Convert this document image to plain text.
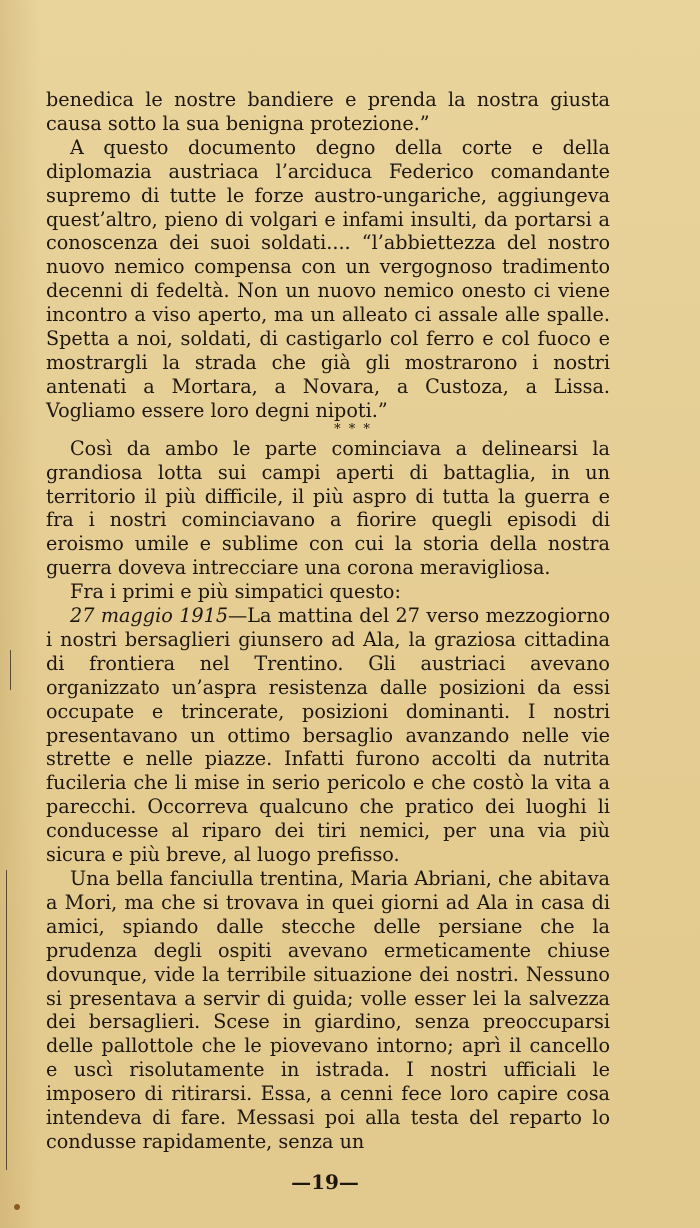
benedica le nostre bandiere e prenda la nostra giusta causa sotto la sua benigna protezione.”

A questo documento degno della corte e della diplomazia austriaca l’arciduca Federico comandante supremo di tutte le forze austro-ungariche, aggiungeva quest’altro, pieno di volgari e infami insulti, da portarsi a conoscenza dei suoi soldati.... “l’abbiettezza del nostro nuovo nemico compensa con un vergognoso tradimento decenni di fedeltà. Non un nuovo nemico onesto ci viene incontro a viso aperto, ma un alleato ci assale alle spalle. Spetta a noi, soldati, di castigarlo col ferro e col fuoco e mostrargli la strada che già gli mostrarono i nostri antenati a Mortara, a Novara, a Custoza, a Lissa. Vogliamo essere loro degni nipoti.”

* * *

Così da ambo le parte cominciava a delinearsi la grandiosa lotta sui campi aperti di battaglia, in un territorio il più difficile, il più aspro di tutta la guerra e fra i nostri cominciavano a fiorire quegli episodi di eroismo umile e sublime con cui la storia della nostra guerra doveva intrecciare una corona meravigliosa.

Fra i primi e più simpatici questo:

27 maggio 1915—La mattina del 27 verso mezzogiorno i nostri bersaglieri giunsero ad Ala, la graziosa cittadina di frontiera nel Trentino. Gli austriaci avevano organizzato un’aspra resistenza dalle posizioni da essi occupate e trincerate, posizioni dominanti. I nostri presentavano un ottimo bersaglio avanzando nelle vie strette e nelle piazze. Infatti furono accolti da nutrita fucileria che li mise in serio pericolo e che costò la vita a parecchi. Occorreva qualcuno che pratico dei luoghi li conducesse al riparo dei tiri nemici, per una via più sicura e più breve, al luogo prefisso.

Una bella fanciulla trentina, Maria Abriani, che abitava a Mori, ma che si trovava in quei giorni ad Ala in casa di amici, spiando dalle stecche delle persiane che la prudenza degli ospiti avevano ermeticamente chiuse dovunque, vide la terribile situazione dei nostri. Nessuno si presentava a servir di guida; volle esser lei la salvezza dei bersaglieri. Scese in giardino, senza preoccuparsi delle pallottole che le piovevano intorno; aprì il cancello e uscì risolutamente in istrada. I nostri ufficiali le imposero di ritirarsi. Essa, a cenni fece loro capire cosa intendeva di fare. Messasi poi alla testa del reparto lo condusse rapidamente, senza un

—19—
